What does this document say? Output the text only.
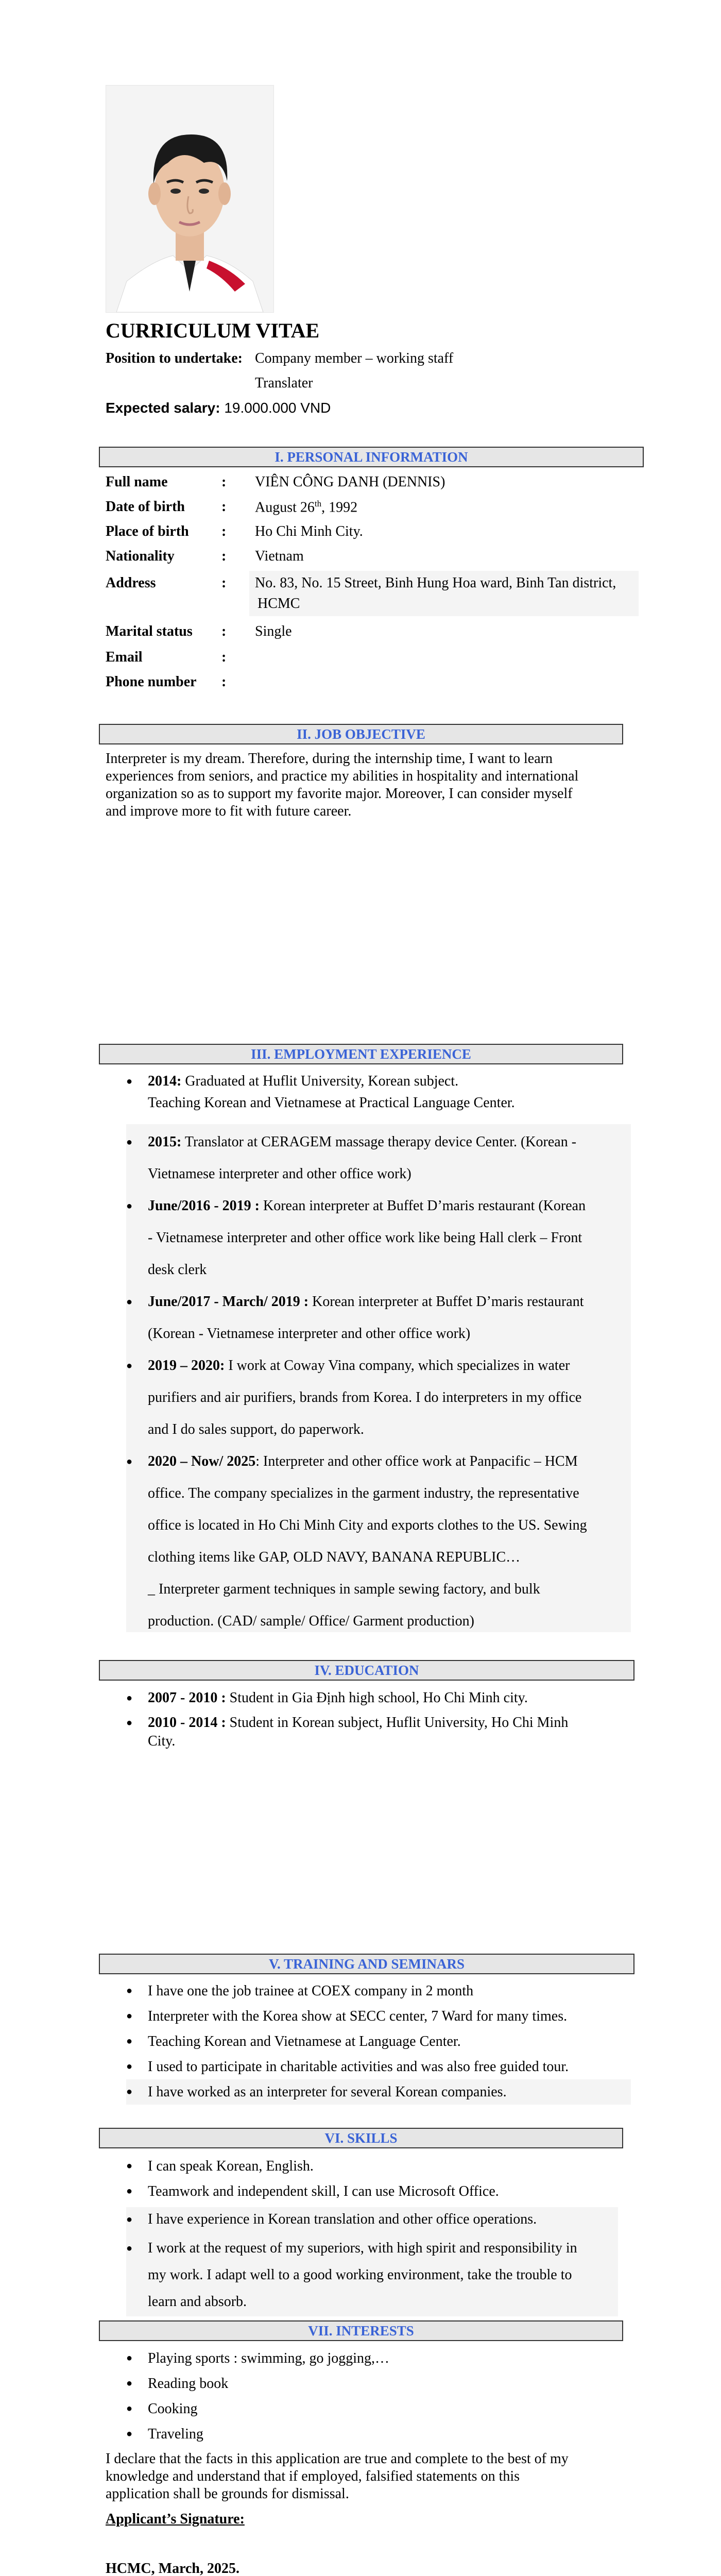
CURRICULUM VITAE
Position to undertake: Company member – working staff
Translater
Expected salary: 19.000.000 VND
I. PERSONAL INFORMATION
Full name	: VIÊN CÔNG DANH (DENNIS)
Date of birth	: August 26th, 1992
Place of birth : Ho Chi Minh City.
Nationality	: Vietnam
Address	: No. 83, No. 15 Street, Binh Hung Hoa ward, Binh Tan district,
HCMC
Marital status : Single
Email	:
Phone number :
II. JOB OBJECTIVE
Interpreter is my dream. Therefore, during the internship time, I want to learn
experiences from seniors, and practice my abilities in hospitality and international
organization so as to support my favorite major. Moreover, I can consider myself
and improve more to fit with future career.
III. EMPLOYMENT EXPERIENCE
● 2014: Graduated at Huflit University, Korean subject.
Teaching Korean and Vietnamese at Practical Language Center.
● 2015: Translator at CERAGEM massage therapy device Center. (Korean -
Vietnamese interpreter and other office work)
● June/2016 - 2019 : Korean interpreter at Buffet D’maris restaurant (Korean
- Vietnamese interpreter and other office work like being Hall clerk – Front
desk clerk
● June/2017 - March/ 2019 : Korean interpreter at Buffet D’maris restaurant
(Korean - Vietnamese interpreter and other office work)
● 2019 – 2020: I work at Coway Vina company, which specializes in water
purifiers and air purifiers, brands from Korea. I do interpreters in my office
and I do sales support, do paperwork.
● 2020 – Now/ 2025: Interpreter and other office work at Panpacific – HCM
office. The company specializes in the garment industry, the representative
office is located in Ho Chi Minh City and exports clothes to the US. Sewing
clothing items like GAP, OLD NAVY, BANANA REPUBLIC…
_ Interpreter garment techniques in sample sewing factory, and bulk
production. (CAD/ sample/ Office/ Garment production)
IV. EDUCATION
● 2007 - 2010 : Student in Gia Định high school, Ho Chi Minh city.
● 2010 - 2014 : Student in Korean subject, Huflit University, Ho Chi Minh
City.
V. TRAINING AND SEMINARS
● I have one the job trainee at COEX company in 2 month
● Interpreter with the Korea show at SECC center, 7 Ward for many times.
● Teaching Korean and Vietnamese at Language Center.
● I used to participate in charitable activities and was also free guided tour.
● I have worked as an interpreter for several Korean companies.
VI. SKILLS
● I can speak Korean, English.
● Teamwork and independent skill, I can use Microsoft Office.
● I have experience in Korean translation and other office operations.
● I work at the request of my superiors, with high spirit and responsibility in
my work. I adapt well to a good working environment, take the trouble to
learn and absorb.
VII. INTERESTS
● Playing sports : swimming, go jogging,…
● Reading book
● Cooking
● Traveling
I declare that the facts in this application are true and complete to the best of my
knowledge and understand that if employed, falsified statements on this
application shall be grounds for dismissal.
Applicant’s Signature:
HCMC, March, 2025.
